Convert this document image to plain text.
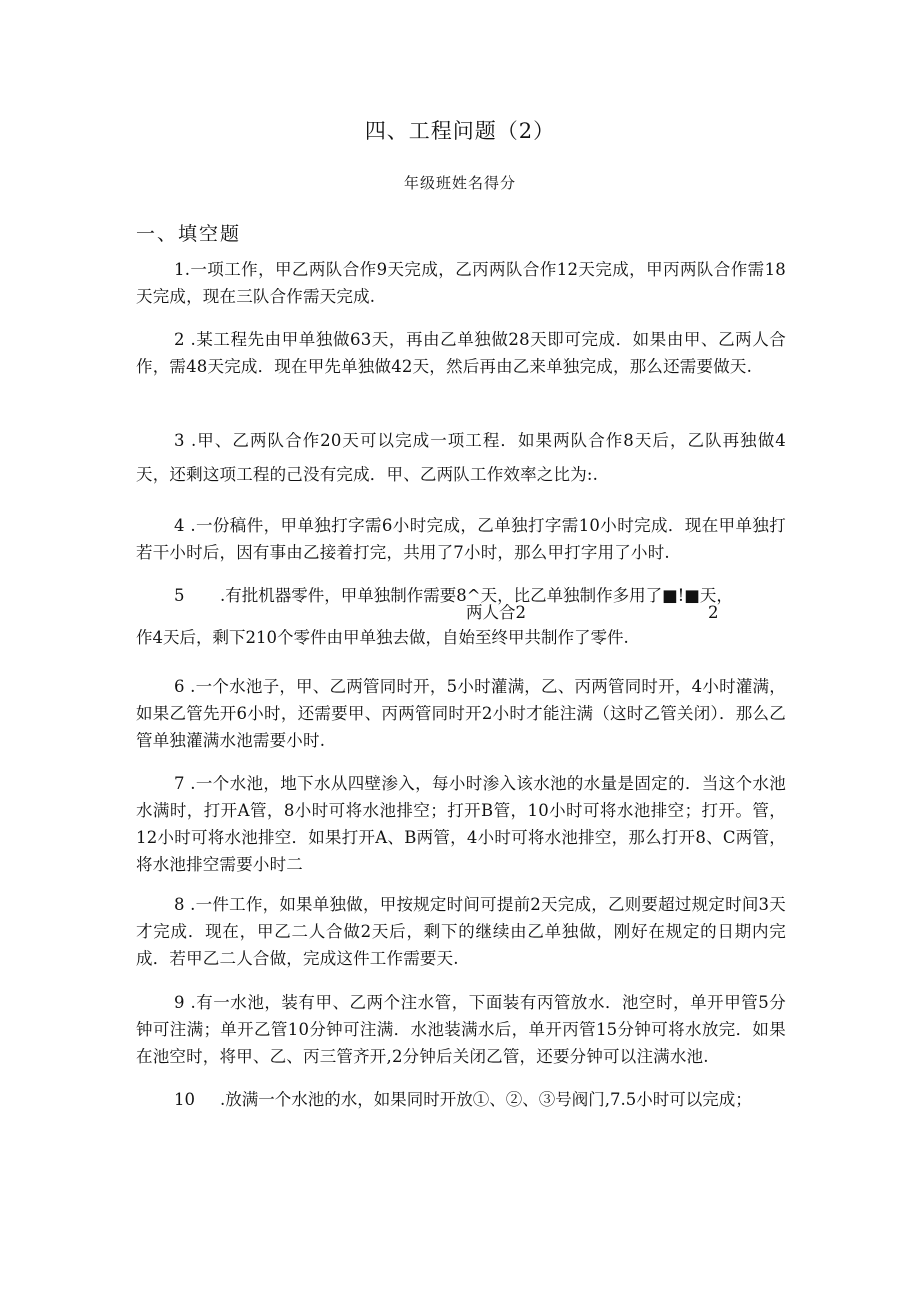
四、工程问题（2）
年级班姓名得分
一、填空题

1.一项工作，甲乙两队合作9天完成，乙丙两队合作12天完成，甲丙两队合作需18天完成，现在三队合作需天完成.

2 .某工程先由甲单独做63天，再由乙单独做28天即可完成．如果由甲、乙两人合作，需48天完成．现在甲先单独做42天，然后再由乙来单独完成，那么还需要做天.

3 .甲、乙两队合作20天可以完成一项工程．如果两队合作8天后，乙队再独做4天，还剩这项工程的己没有完成．甲、乙两队工作效率之比为:.

4 .一份稿件，甲单独打字需6小时完成，乙单独打字需10小时完成．现在甲单独打若干小时后，因有事由乙接着打完，共用了7小时，那么甲打字用了小时.

5 .有批机器零件，甲单独制作需要8^天，比乙单独制作多用了■!■天，
两人合2	2
作4天后，剩下210个零件由甲单独去做，自始至终甲共制作了零件.

6 .一个水池子，甲、乙两管同时开，5小时灌满，乙、丙两管同时开，4小时灌满，如果乙管先开6小时，还需要甲、丙两管同时开2小时才能注满（这时乙管关闭）．那么乙管单独灌满水池需要小时.

7 .一个水池，地下水从四壁渗入，每小时渗入该水池的水量是固定的．当这个水池水满时，打开A管，8小时可将水池排空；打开B管，10小时可将水池排空；打开。管，12小时可将水池排空．如果打开A、B两管，4小时可将水池排空，那么打开8、C两管，将水池排空需要小时二

8 .一件工作，如果单独做，甲按规定时间可提前2天完成，乙则要超过规定时间3天才完成．现在，甲乙二人合做2天后，剩下的继续由乙单独做，刚好在规定的日期内完成．若甲乙二人合做，完成这件工作需要天.

9 .有一水池，装有甲、乙两个注水管，下面装有丙管放水．池空时，单开甲管5分钟可注满；单开乙管10分钟可注满．水池装满水后，单开丙管15分钟可将水放完．如果在池空时，将甲、乙、丙三管齐开,2分钟后关闭乙管，还要分钟可以注满水池.

10 .放满一个水池的水，如果同时开放①、②、③号阀门,7.5小时可以完成；
